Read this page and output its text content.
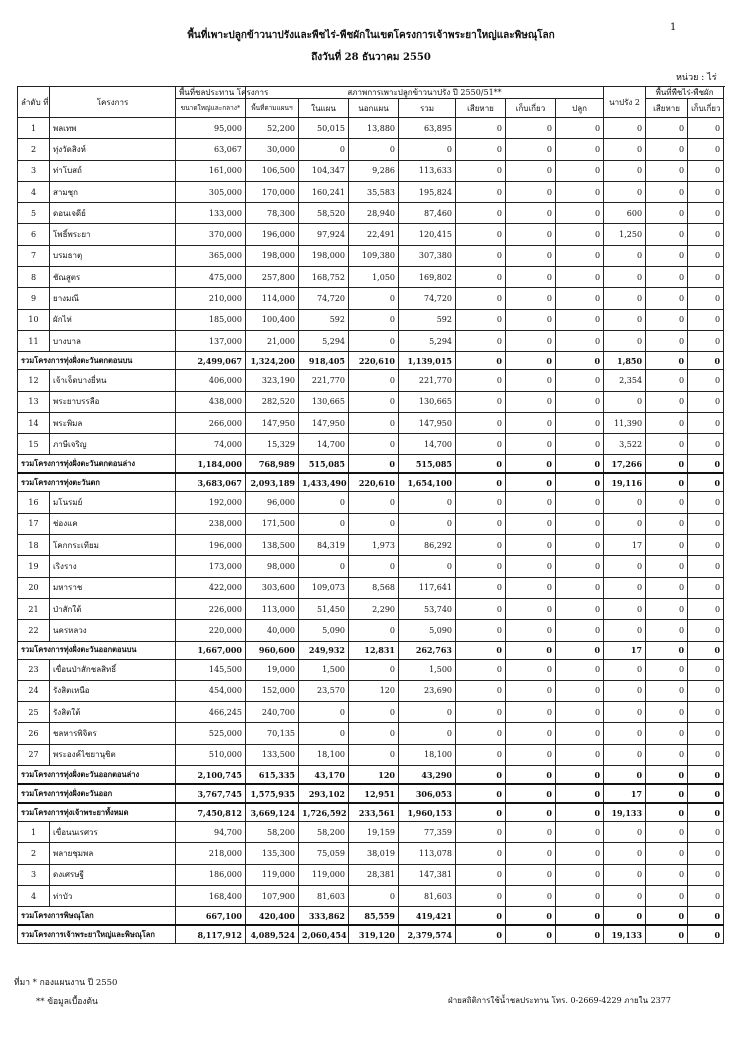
1
พื้นที่เพาะปลูกข้าวนาปรังและพืชไร่-พืชผักในเขตโครงการเจ้าพระยาใหญ่และพิษณุโลก
ถึงวันที่ 28 ธันวาคม 2550
หน่วย : ไร่
ลำดับ ที่	โครงการ	พื้นที่ชลประทาน โครงการ	สภาพการเพาะปลูกข้าวนาปรัง ปี 2550/51**							นาปรัง 2	พื้นที่พืชไร่-พืชผัก	
		ขนาดใหญ่และกลาง*	พื้นที่ตามแผนฯ	ในแผน	นอกแผน	รวม	เสียหาย	เก็บเกี่ยว	ปลูก		เสียหาย	เก็บเกี่ยว
1	พลเทพ	95,000	52,200	50,015	13,880	63,895	0	0	0	0	0	0
2	ทุ่งวัดสิงห์	63,067	30,000	0	0	0	0	0	0	0	0	0
3	ท่าโบสถ์	161,000	106,500	104,347	9,286	113,633	0	0	0	0	0	0
4	สามชุก	305,000	170,000	160,241	35,583	195,824	0	0	0	0	0	0
5	ดอนเจดีย์	133,000	78,300	58,520	28,940	87,460	0	0	0	600	0	0
6	โพธิ์พระยา	370,000	196,000	97,924	22,491	120,415	0	0	0	1,250	0	0
7	บรมธาตุ	365,000	198,000	198,000	109,380	307,380	0	0	0	0	0	0
8	ชัณสูตร	475,000	257,800	168,752	1,050	169,802	0	0	0	0	0	0
9	ยางมณี	210,000	114,000	74,720	0	74,720	0	0	0	0	0	0
10	ผักไห่	185,000	100,400	592	0	592	0	0	0	0	0	0
11	บางบาล	137,000	21,000	5,294	0	5,294	0	0	0	0	0	0
รวมโครงการทุ่งฝั่งตะวันตกตอนบน		2,499,067	1,324,200	918,405	220,610	1,139,015	0	0	0	1,850	0	0
12	เจ้าเจ็ดบางยี่หน	406,000	323,190	221,770	0	221,770	0	0	0	2,354	0	0
13	พระยาบรรลือ	438,000	282,520	130,665	0	130,665	0	0	0	0	0	0
14	พระพิมล	266,000	147,950	147,950	0	147,950	0	0	0	11,390	0	0
15	ภาษีเจริญ	74,000	15,329	14,700	0	14,700	0	0	0	3,522	0	0
รวมโครงการทุ่งฝั่งตะวันตกตอนล่าง		1,184,000	768,989	515,085	0	515,085	0	0	0	17,266	0	0
รวมโครงการทุ่งตะวันตก		3,683,067	2,093,189	1,433,490	220,610	1,654,100	0	0	0	19,116	0	0
16	มโนรมย์	192,000	96,000	0	0	0	0	0	0	0	0	0
17	ช่องแค	238,000	171,500	0	0	0	0	0	0	0	0	0
18	โคกกระเทียม	196,000	138,500	84,319	1,973	86,292	0	0	0	17	0	0
19	เริงราง	173,000	98,000	0	0	0	0	0	0	0	0	0
20	มหาราช	422,000	303,600	109,073	8,568	117,641	0	0	0	0	0	0
21	ป่าสักใต้	226,000	113,000	51,450	2,290	53,740	0	0	0	0	0	0
22	นครหลวง	220,000	40,000	5,090	0	5,090	0	0	0	0	0	0
รวมโครงการทุ่งฝั่งตะวันออกตอนบน		1,667,000	960,600	249,932	12,831	262,763	0	0	0	17	0	0
23	เขื่อนป่าสักชลสิทธิ์	145,500	19,000	1,500	0	1,500	0	0	0	0	0	0
24	รังสิตเหนือ	454,000	152,000	23,570	120	23,690	0	0	0	0	0	0
25	รังสิตใต้	466,245	240,700	0	0	0	0	0	0	0	0	0
26	ชลหารพิจิตร	525,000	70,135	0	0	0	0	0	0	0	0	0
27	พระองค์ไชยานุชิต	510,000	133,500	18,100	0	18,100	0	0	0	0	0	0
รวมโครงการทุ่งฝั่งตะวันออกตอนล่าง		2,100,745	615,335	43,170	120	43,290	0	0	0	0	0	0
รวมโครงการทุ่งฝั่งตะวันออก		3,767,745	1,575,935	293,102	12,951	306,053	0	0	0	17	0	0
รวมโครงการทุ่งเจ้าพระยาทั้งหมด		7,450,812	3,669,124	1,726,592	233,561	1,960,153	0	0	0	19,133	0	0
1	เขื่อนนเรศวร	94,700	58,200	58,200	19,159	77,359	0	0	0	0	0	0
2	พลายชุมพล	218,000	135,300	75,059	38,019	113,078	0	0	0	0	0	0
3	ดงเศรษฐี	186,000	119,000	119,000	28,381	147,381	0	0	0	0	0	0
4	ท่าบัว	168,400	107,900	81,603	0	81,603	0	0	0	0	0	0
รวมโครงการพิษณุโลก		667,100	420,400	333,862	85,559	419,421	0	0	0	0	0	0
รวมโครงการเจ้าพระยาใหญ่และพิษณุโลก		8,117,912	4,089,524	2,060,454	319,120	2,379,574	0	0	0	19,133	0	0
ที่มา * กองแผนงาน ปี 2550
** ข้อมูลเบื้องต้น	ฝ่ายสถิติการใช้น้ำชลประทาน โทร. 0-2669-4229 ภายใน 2377
